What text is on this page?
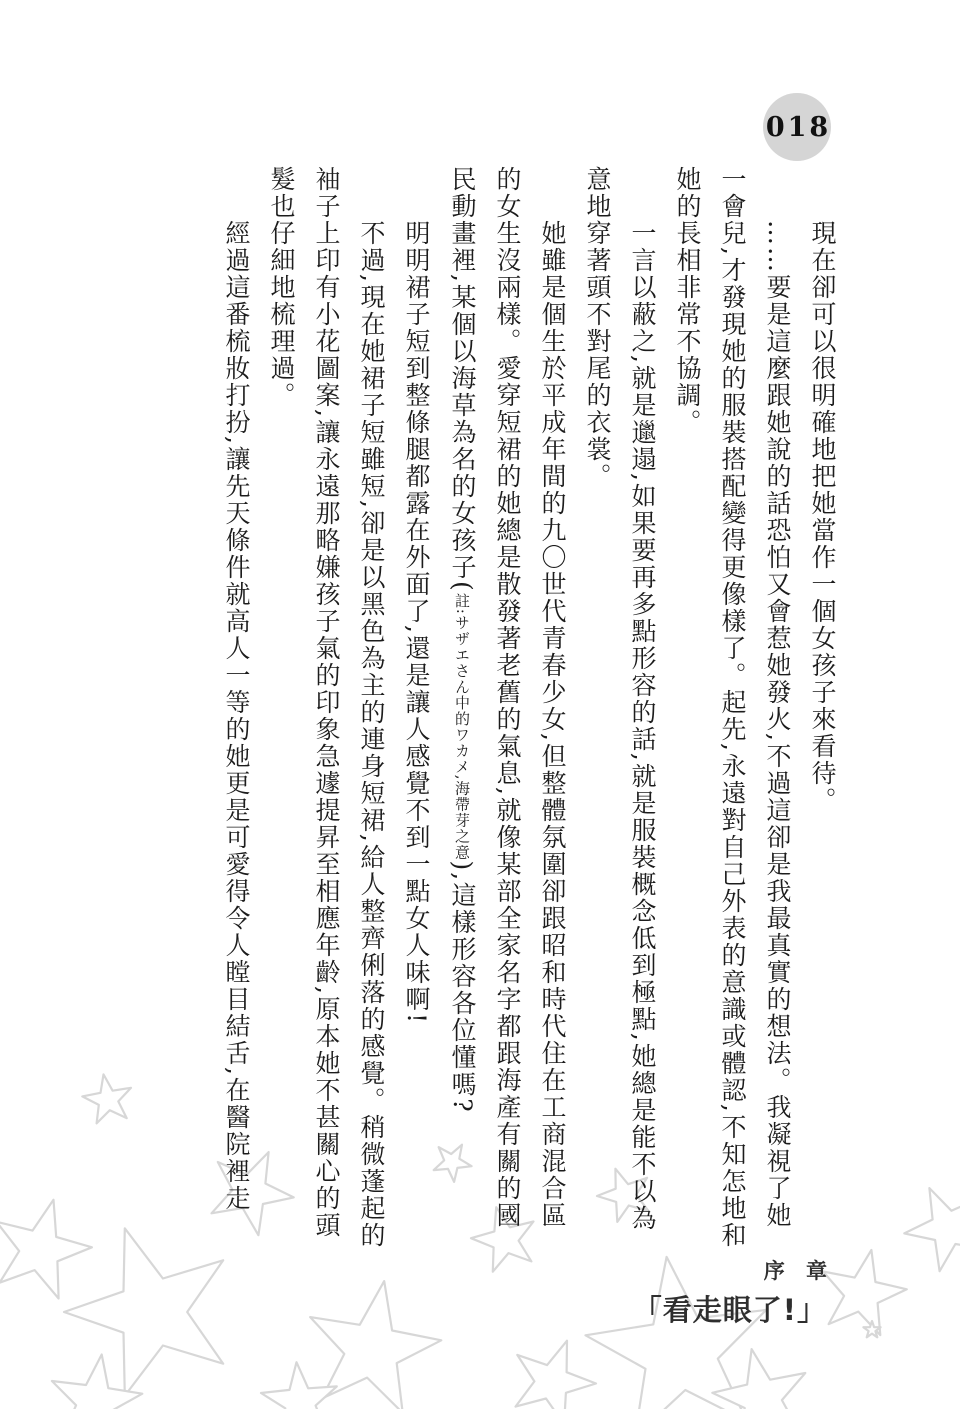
018

現在卻可以很明確地把她當作一個女孩子來看待。

……要是這麼跟她說的話恐怕又會惹她發火,不過這卻是我最真實的想法。我凝視了她一會兒,才發現她的服裝搭配變得更像樣了。起先,永遠對自己外表的意識或體認,不知怎地和她的長相非常不協調。

一言以蔽之,就是邋遢,如果要再多點形容的話,就是服裝概念低到極點,她總是能不以為意地穿著頭不對尾的衣裳。

她雖是個生於平成年間的九〇世代青春少女,但整體氛圍卻跟昭和時代住在工商混合區的女生沒兩樣。愛穿短裙的她總是散發著老舊的氣息,就像某部全家名字都跟海產有關的國民動畫裡,某個以海草為名的女孩子(註:サザエさん中的ワカメ,海帶芽之意),這樣形容各位懂嗎?

明明裙子短到整條腿都露在外面了,還是讓人感覺不到一點女人味啊!

不過,現在她裙子短雖短,卻是以黑色為主的連身短裙,給人整齊俐落的感覺。稍微蓬起的袖子上印有小花圖案,讓永遠那略嫌孩子氣的印象急遽提昇至相應年齡,原本她不甚關心的頭髮也仔細地梳理過。

經過這番梳妝打扮,讓先天條件就高人一等的她更是可愛得令人瞠目結舌,在醫院裡走

序 章
「看走眼了!」
